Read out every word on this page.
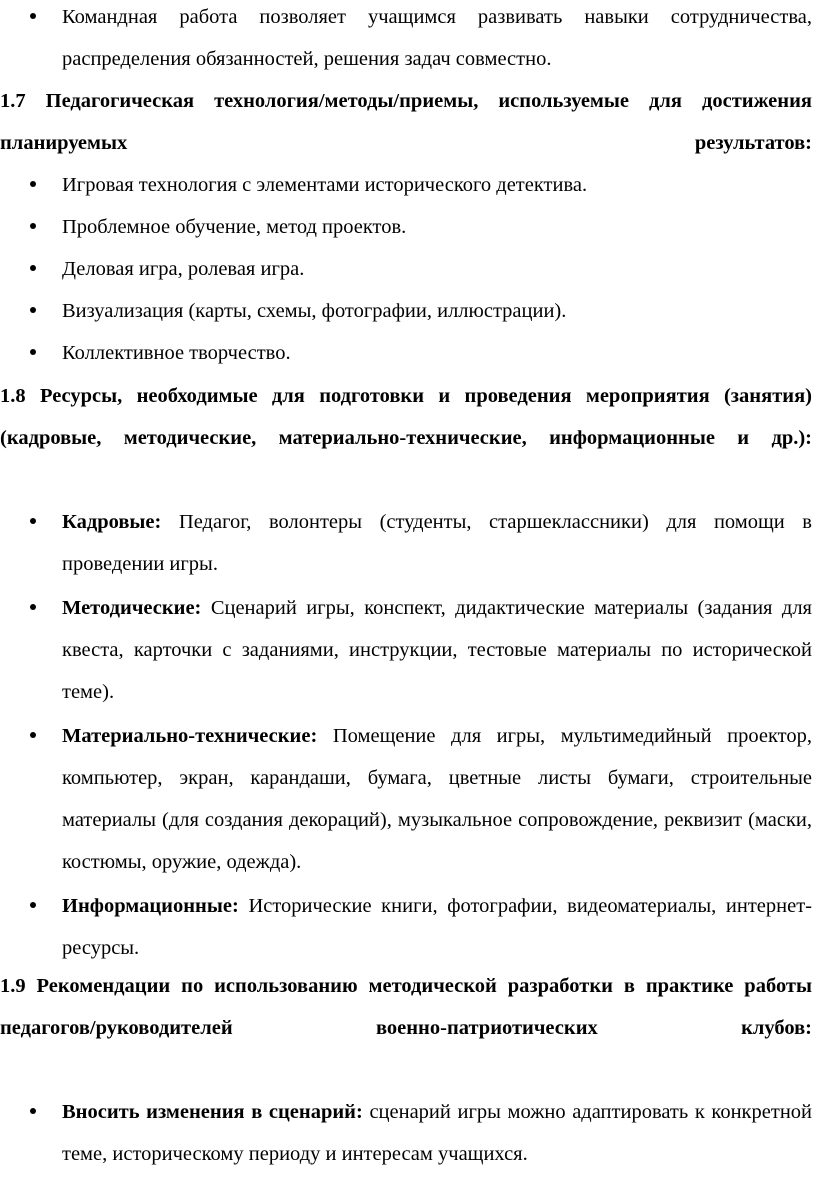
Командная работа позволяет учащимся развивать навыки сотрудничества, распределения обязанностей, решения задач совместно.
1.7 Педагогическая технология/методы/приемы, используемые для достижения планируемых результатов:
Игровая технология с элементами исторического детектива.
Проблемное обучение, метод проектов.
Деловая игра, ролевая игра.
Визуализация (карты, схемы, фотографии, иллюстрации).
Коллективное творчество.
1.8 Ресурсы, необходимые для подготовки и проведения мероприятия (занятия) (кадровые, методические, материально-технические, информационные и др.):
Кадровые: Педагог, волонтеры (студенты, старшеклассники) для помощи в проведении игры.
Методические: Сценарий игры, конспект, дидактические материалы (задания для квеста, карточки с заданиями, инструкции, тестовые материалы по исторической теме).
Материально-технические: Помещение для игры, мультимедийный проектор, компьютер, экран, карандаши, бумага, цветные листы бумаги, строительные материалы (для создания декораций), музыкальное сопровождение, реквизит (маски, костюмы, оружие, одежда).
Информационные: Исторические книги, фотографии, видеоматериалы, интернет-ресурсы.
1.9 Рекомендации по использованию методической разработки в практике работы педагогов/руководителей военно-патриотических клубов:
Вносить изменения в сценарий: сценарий игры можно адаптировать к конкретной теме, историческому периоду и интересам учащихся.
